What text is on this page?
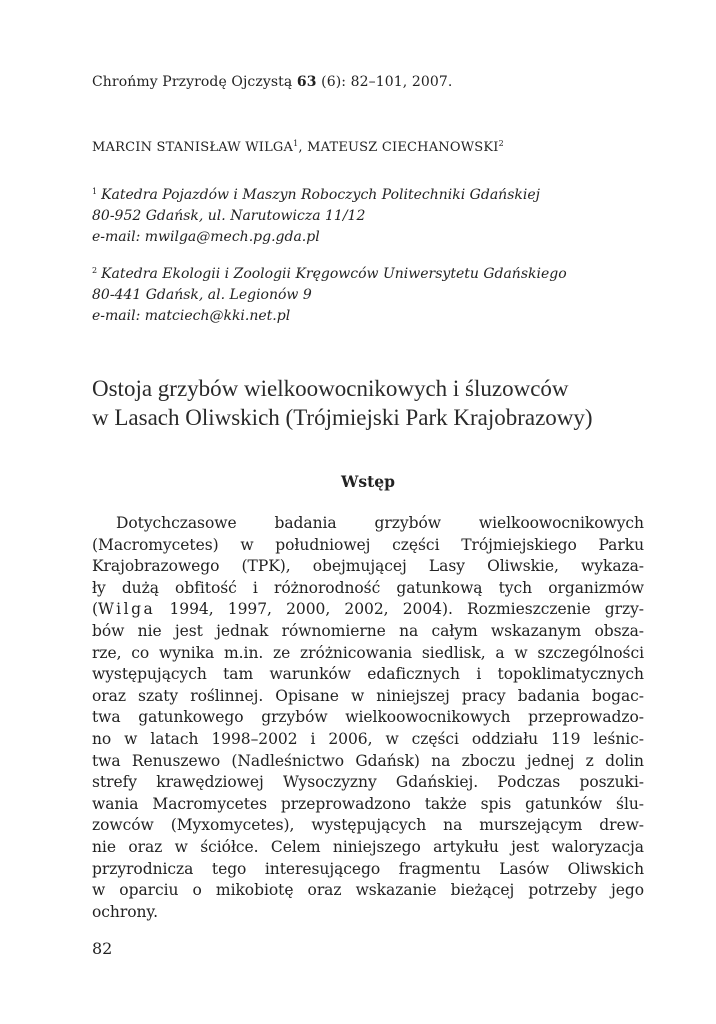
Chrońmy Przyrodę Ojczystą 63 (6): 82–101, 2007.
MARCIN STANISŁAW WILGA$^1$, MATEUSZ CIECHANOWSKI$^2$
$^1$ Katedra Pojazdów i Maszyn Roboczych Politechniki Gdańskiej
80-952 Gdańsk, ul. Narutowicza 11/12
e-mail: mwilga@mech.pg.gda.pl
$^2$ Katedra Ekologii i Zoologii Kręgowców Uniwersytetu Gdańskiego
80-441 Gdańsk, al. Legionów 9
e-mail: matciech@kki.net.pl
Ostoja grzybów wielkoowocnikowych i śluzowców
w Lasach Oliwskich (Trójmiejski Park Krajobrazowy)
Wstęp
Dotychczasowe badania grzybów wielkoowocnikowych
(Macromycetes) w południowej części Trójmiejskiego Parku
Krajobrazowego (TPK), obejmującej Lasy Oliwskie, wykaza-
ły dużą obfitość i różnorodność gatunkową tych organizmów
(Wilga 1994, 1997, 2000, 2002, 2004). Rozmieszczenie grzy-
bów nie jest jednak równomierne na całym wskazanym obsza-
rze, co wynika m.in. ze zróżnicowania siedlisk, a w szczególności
występujących tam warunków edaficznych i topoklimatycznych
oraz szaty roślinnej. Opisane w niniejszej pracy badania bogac-
twa gatunkowego grzybów wielkoowocnikowych przeprowadzo-
no w latach 1998–2002 i 2006, w części oddziału 119 leśnic-
twa Renuszewo (Nadleśnictwo Gdańsk) na zboczu jednej z dolin
strefy krawędziowej Wysoczyzny Gdańskiej. Podczas poszuki-
wania Macromycetes przeprowadzono także spis gatunków ślu-
zowców (Myxomycetes), występujących na murszejącym drew-
nie oraz w ściółce. Celem niniejszego artykułu jest waloryzacja
przyrodnicza tego interesującego fragmentu Lasów Oliwskich
w oparciu o mikobiotę oraz wskazanie bieżącej potrzeby jego
ochrony.
82
